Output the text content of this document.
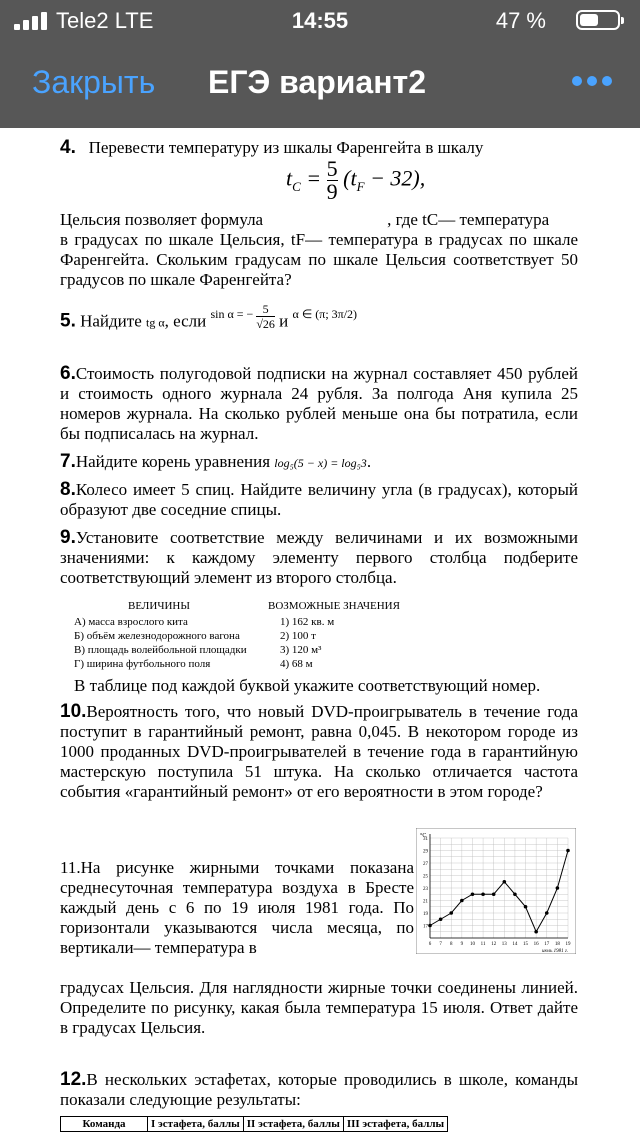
Tele2 LTE	14:55	47 %
Закрыть ЕГЭ вариант2
4. Перевести температуру из шкалы Фаренгейта в шкалу
$t_C = \frac{5}{9} (t_F - 32)$,
Цельсия позволяет формула	, где tC— температура
в градусах по шкале Цельсия, tF— температура в градусах по шкале Фаренгейта. Скольким градусам по шкале Цельсия соответствует 50 градусов по шкале Фаренгейта?
5. Найдите tg α, если $^{sin \alpha = -} \frac{5}{√26}$ и $^{\alpha \in (\pi; 3\pi/2)}$
6.Стоимость полугодовой подписки на журнал составляет 450 рублей и стоимость одного журнала 24 рубля. За полгода Аня купила 25 номеров журнала. На сколько рублей меньше она бы потратила, если бы подписалась на журнал.
7.Найдите корень уравнения log₅(5 − x) = log₅3.
8.Колесо имеет 5 спиц. Найдите величину угла (в градусах), который образуют две соседние спицы.
9.Установите соответствие между величинами и их возможными значениями: к каждому элементу первого столбца подберите соответствующий элемент из второго столбца.
ВЕЛИЧИНЫ	ВОЗМОЖНЫЕ ЗНАЧЕНИЯ
А) масса взрослого кита	1) 162 кв. м
Б) объём железнодорожного вагона	2) 100 т
В) площадь волейбольной площадки	3) 120 м³
Г) ширина футбольного поля	4) 68 м
В таблице под каждой буквой укажите соответствующий номер.
10.Вероятность того, что новый DVD-проигрыватель в течение года поступит в гарантийный ремонт, равна 0,045. В некотором городе из 1000 проданных DVD-проигрывателей в течение года в гарантийную мастерскую поступила 51 штука. На сколько отличается частота события «гарантийный ремонт» от его вероятности в этом городе?
11.На рисунке жирными точками показана среднесуточная температура воздуха в Бресте каждый день с 6 по 19 июля 1981 года. По горизонтали указываются числа месяца, по вертикали— температура в
градусах Цельсия. Для наглядности жирные точки соединены линией. Определите по рисунку, какая была температура 15 июля. Ответ дайте в градусах Цельсия.
°C
17
19
21
23
25
27
29
31
6 7 8 9 10 11 12 13 14 15 16 17 18 19
июль 1981 г.
12.В нескольких эстафетах, которые проводились в школе, команды показали следующие результаты:
Команда	I эстафета, баллы	II эстафета, баллы	III эстафета, баллы
